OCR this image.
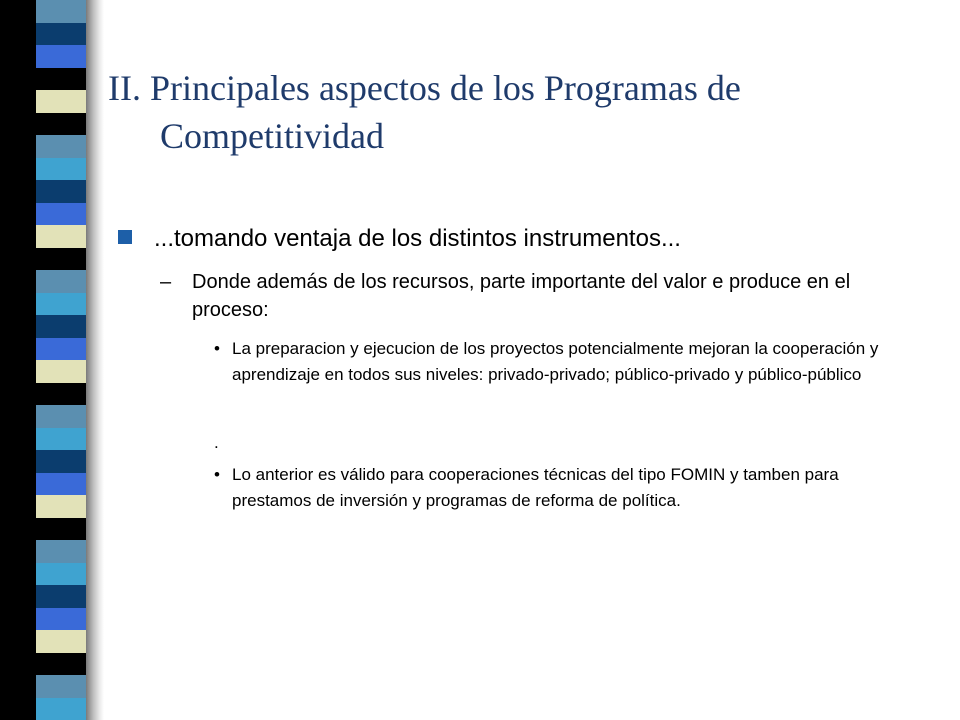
II. Principales aspectos de los Programas de
Competitividad
...tomando ventaja de los distintos instrumentos...
– Donde además de los recursos, parte importante del valor e produce en el proceso:
• La preparacion y ejecucion de los proyectos potencialmente mejoran la cooperación y aprendizaje en todos sus niveles: privado-privado; público-privado y público-público
.
• Lo anterior es válido para cooperaciones técnicas del tipo FOMIN y tamben para prestamos de inversión y programas de reforma de política.
